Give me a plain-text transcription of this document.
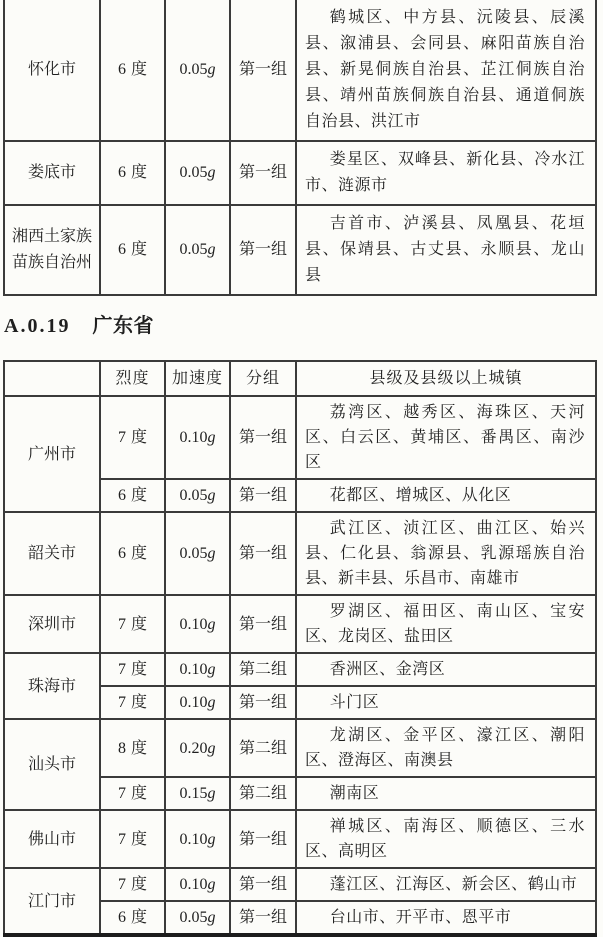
怀化市	6 度	0.05g	第一组	鹤城区、中方县、沅陵县、辰溪县、溆浦县、会同县、麻阳苗族自治县、新晃侗族自治县、芷江侗族自治县、靖州苗族侗族自治县、通道侗族自治县、洪江市

娄底市	6 度	0.05g	第一组	娄星区、双峰县、新化县、冷水江市、涟源市

湘西土家族苗族自治州	6 度	0.05g	第一组	吉首市、泸溪县、凤凰县、花垣县、保靖县、古丈县、永顺县、龙山县

A.0.19 广东省
	烈度	加速度	分组	县级及县级以上城镇
广州市	7 度	0.10g	第一组	荔湾区、越秀区、海珠区、天河区、白云区、黄埔区、番禺区、南沙区

	6 度	0.05g	第一组	花都区、增城区、从化区

韶关市	6 度	0.05g	第一组	武江区、浈江区、曲江区、始兴县、仁化县、翁源县、乳源瑶族自治县、新丰县、乐昌市、南雄市

深圳市	7 度	0.10g	第一组	罗湖区、福田区、南山区、宝安区、龙岗区、盐田区

珠海市	7 度	0.10g	第二组	香洲区、金湾区

	7 度	0.10g	第一组	斗门区

汕头市	8 度	0.20g	第二组	龙湖区、金平区、濠江区、潮阳区、澄海区、南澳县

	7 度	0.15g	第二组	潮南区

佛山市	7 度	0.10g	第一组	禅城区、南海区、顺德区、三水区、高明区

江门市	7 度	0.10g	第一组	蓬江区、江海区、新会区、鹤山市

	6 度	0.05g	第一组	台山市、开平市、恩平市
